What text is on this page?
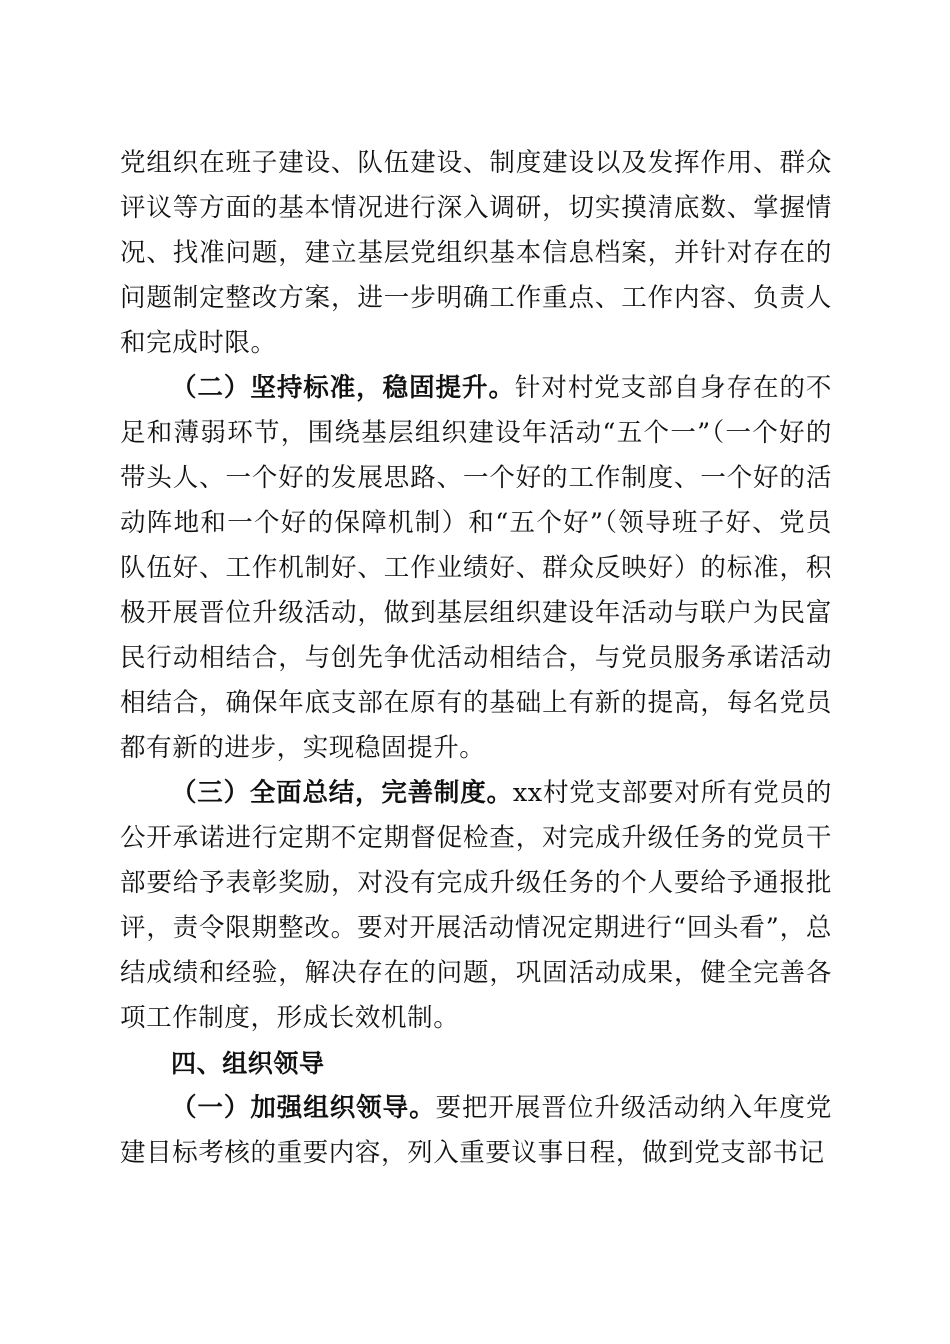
党组织在班子建设、队伍建设、制度建设以及发挥作用、群众评议等方面的基本情况进行深入调研，切实摸清底数、掌握情况、找准问题，建立基层党组织基本信息档案，并针对存在的问题制定整改方案，进一步明确工作重点、工作内容、负责人和完成时限。

（二）坚持标准，稳固提升。针对村党支部自身存在的不足和薄弱环节，围绕基层组织建设年活动“五个一”（一个好的带头人、一个好的发展思路、一个好的工作制度、一个好的活动阵地和一个好的保障机制）和“五个好”（领导班子好、党员队伍好、工作机制好、工作业绩好、群众反映好）的标准，积极开展晋位升级活动，做到基层组织建设年活动与联户为民富民行动相结合，与创先争优活动相结合，与党员服务承诺活动相结合，确保年底支部在原有的基础上有新的提高，每名党员都有新的进步，实现稳固提升。

（三）全面总结，完善制度。xx村党支部要对所有党员的公开承诺进行定期不定期督促检查，对完成升级任务的党员干部要给予表彰奖励，对没有完成升级任务的个人要给予通报批评，责令限期整改。要对开展活动情况定期进行“回头看”，总结成绩和经验，解决存在的问题，巩固活动成果，健全完善各项工作制度，形成长效机制。

四、组织领导

（一）加强组织领导。要把开展晋位升级活动纳入年度党建目标考核的重要内容，列入重要议事日程，做到党支部书记
